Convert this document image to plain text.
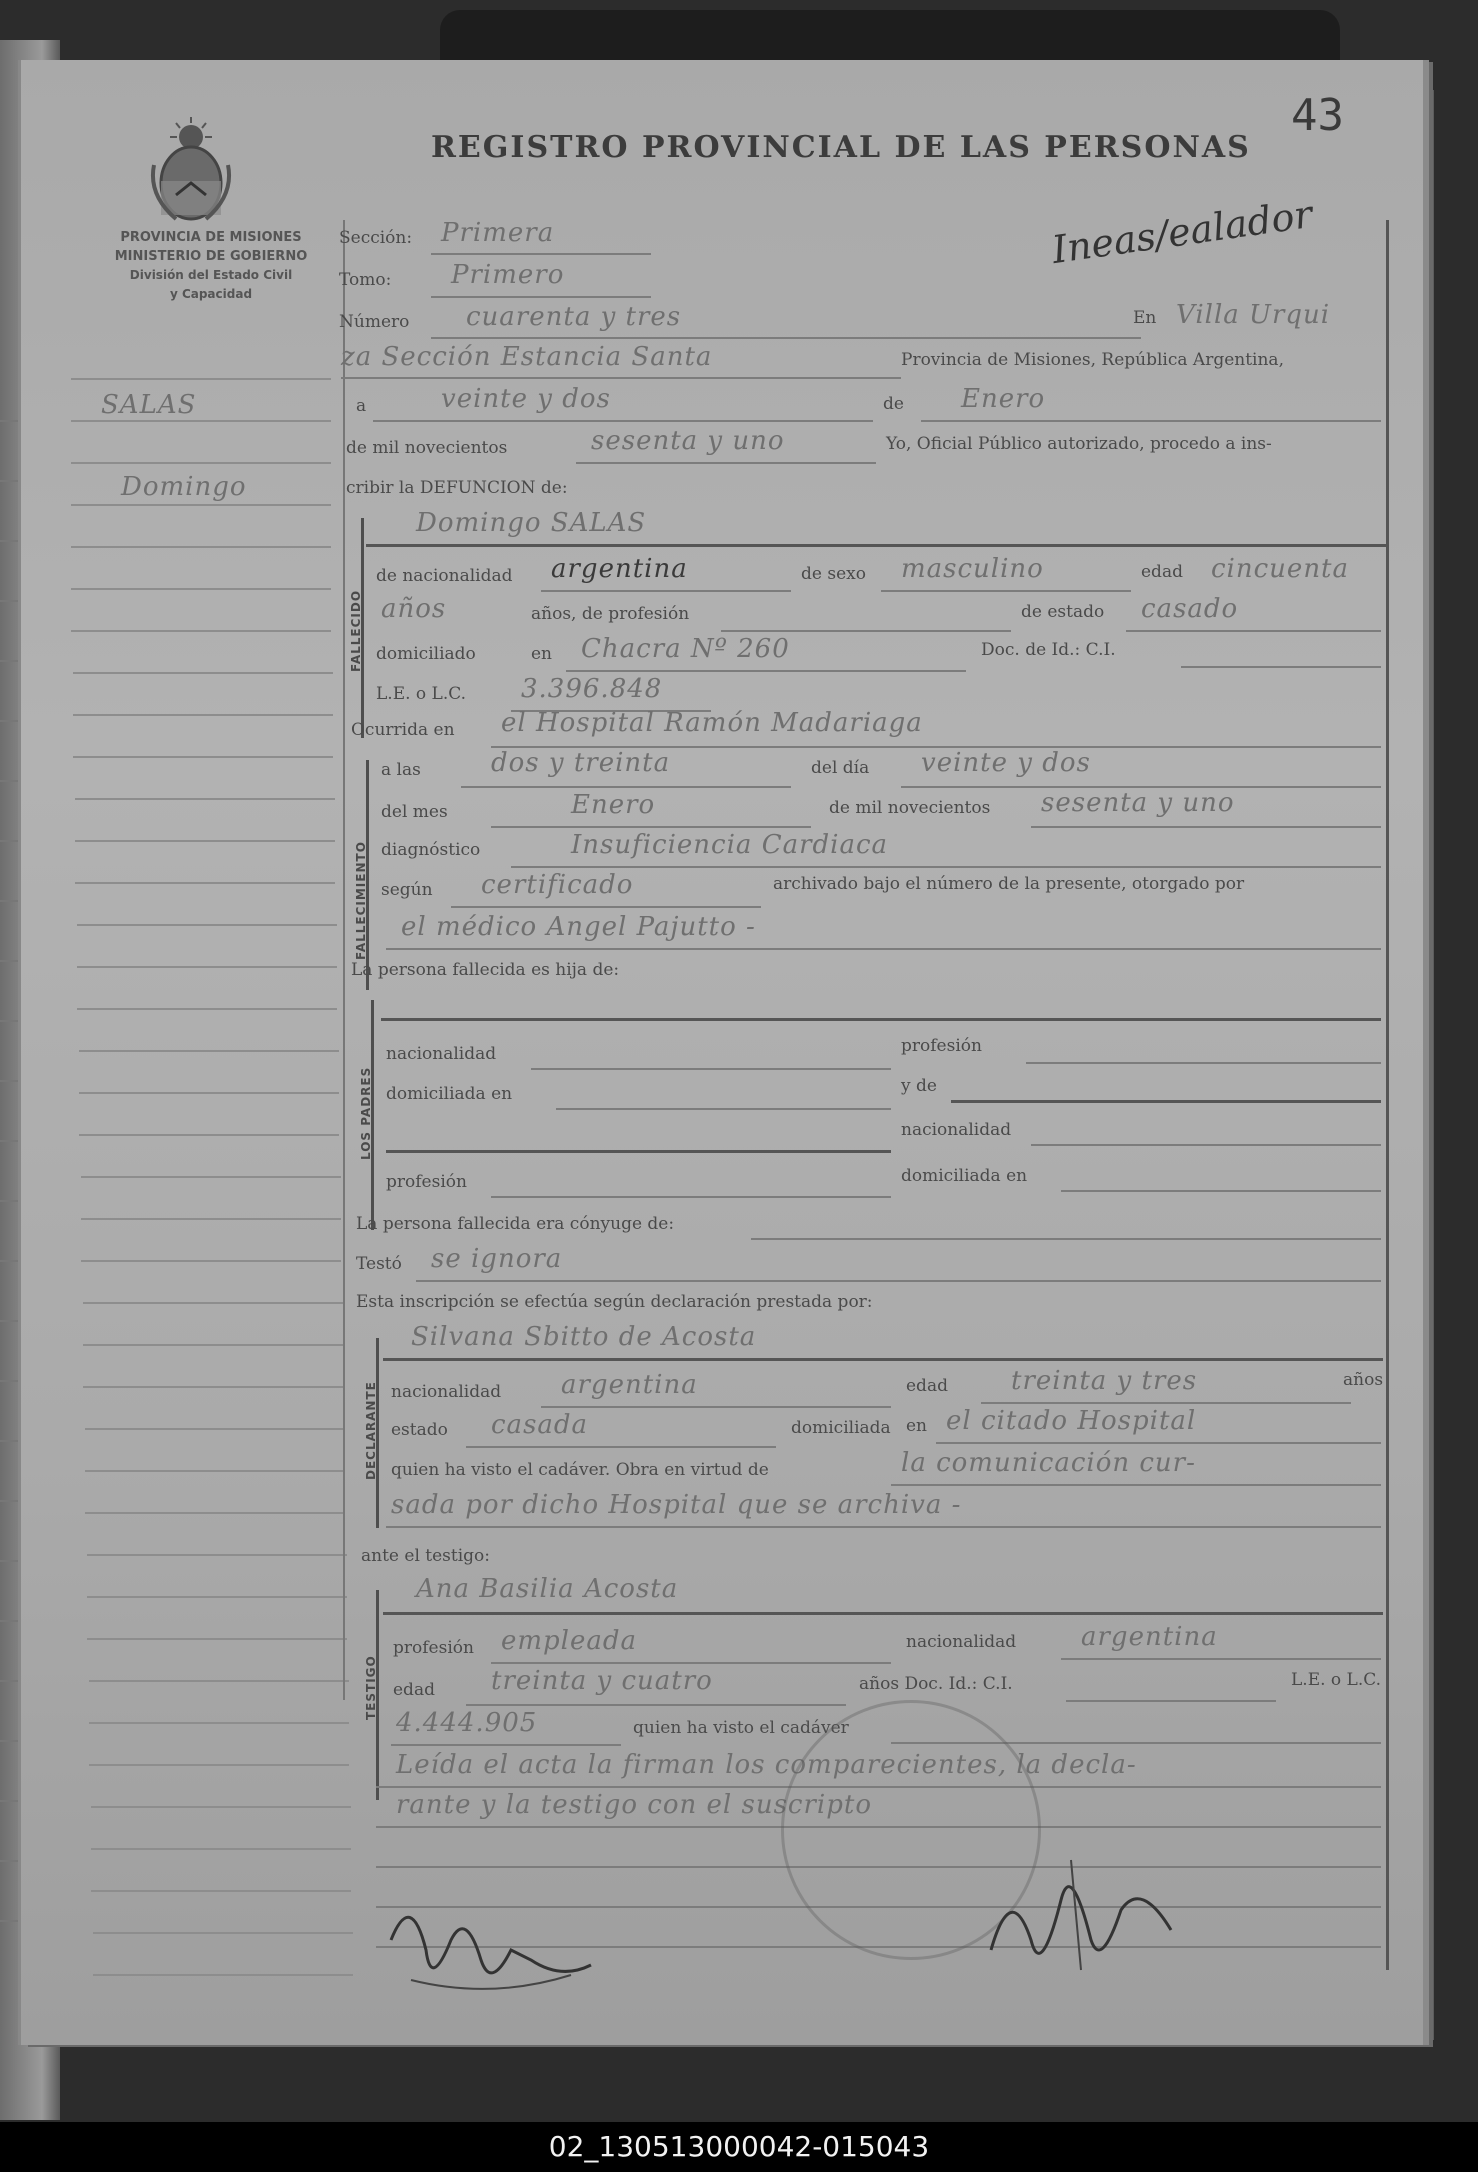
REGISTRO PROVINCIAL DE LAS PERSONAS
43
Ineas/ealador
PROVINCIA DE MISIONES
MINISTERIO DE GOBIERNO
División del Estado Civil
y Capacidad
SALAS
Domingo
Sección: Primera
Tomo: Primero
Número cuarenta y tres	En Villa Urqui
za Sección Estancia Santa	Provincia de Misiones, República Argentina,
a	veinte y dos	de Enero
de mil novecientos	sesenta y uno	Yo, Oficial Público autorizado, procedo a ins-
cribir la DEFUNCION de:
FALLECIDO
Domingo SALAS
de nacionalidad argentina	de sexo masculino	edad cincuenta
años	años, de profesión	de estado casado
domiciliado	en Chacra Nº 260	Doc. de Id.: C.I.
L.E. o L.C. 3.396.848
Ocurrida en el Hospital Ramón Madariaga
FALLECIMIENTO
a las	dos y treinta	del día veinte y dos
del mes	Enero	de mil novecientos sesenta y uno
diagnóstico	Insuficiencia Cardiaca
según certificado	archivado bajo el número de la presente, otorgado por
el médico Angel Pajutto -
La persona fallecida es hija de:
LOS PADRES
nacionalidad	profesión
domiciliada en	y de
nacionalidad
profesión	domiciliada en
La persona fallecida era cónyuge de:
Testó se ignora
Esta inscripción se efectúa según declaración prestada por:
DECLARANTE
Silvana Sbitto de Acosta
nacionalidad argentina	edad treinta y tres	años
estado casada	domiciliada en el citado Hospital
quien ha visto el cadáver. Obra en virtud de	la comunicación cur-
sada por dicho Hospital que se archiva -
ante el testigo:
TESTIGO
Ana Basilia Acosta
profesión empleada	nacionalidad argentina
edad treinta y cuatro	años Doc. Id.: C.I.	L.E. o L.C.
4.444.905	quien ha visto el cadáver
Leída el acta la firman los comparecientes, la decla-
rante y la testigo con el suscripto
02_130513000042-015043
